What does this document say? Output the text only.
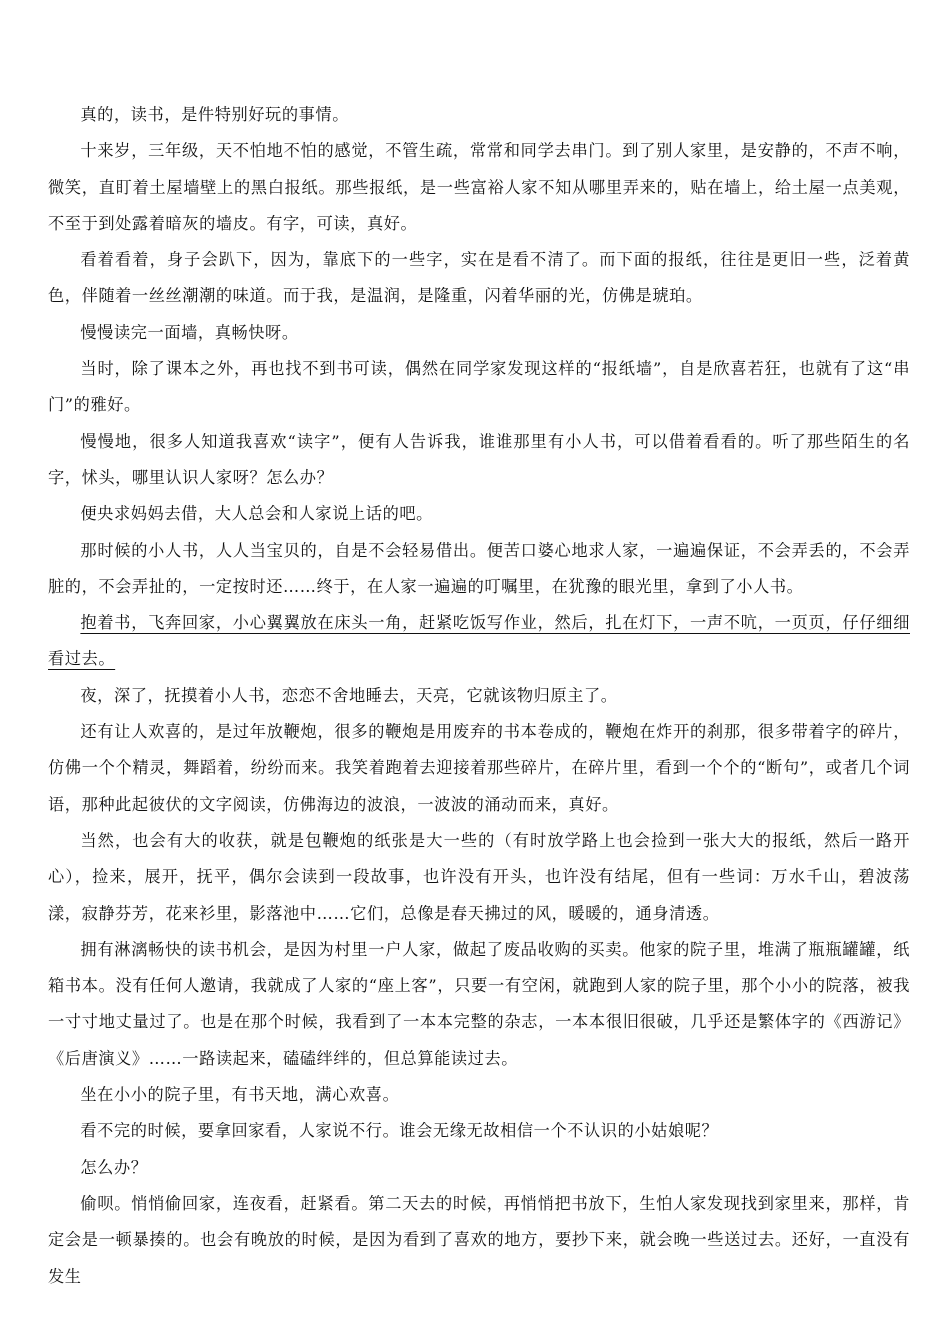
真的，读书，是件特别好玩的事情。

十来岁，三年级，天不怕地不怕的感觉，不管生疏，常常和同学去串门。到了别人家里，是安静的，不声不响，微笑，直盯着土屋墙壁上的黑白报纸。那些报纸，是一些富裕人家不知从哪里弄来的，贴在墙上，给土屋一点美观，不至于到处露着暗灰的墙皮。有字，可读，真好。

看着看着，身子会趴下，因为，靠底下的一些字，实在是看不清了。而下面的报纸，往往是更旧一些，泛着黄色，伴随着一丝丝潮潮的味道。而于我，是温润，是隆重，闪着华丽的光，仿佛是琥珀。

慢慢读完一面墙，真畅快呀。

当时，除了课本之外，再也找不到书可读，偶然在同学家发现这样的“报纸墙”，自是欣喜若狂，也就有了这“串门”的雅好。

慢慢地，很多人知道我喜欢“读字”，便有人告诉我，谁谁那里有小人书，可以借着看看的。听了那些陌生的名字，怵头，哪里认识人家呀？怎么办？

便央求妈妈去借，大人总会和人家说上话的吧。

那时候的小人书，人人当宝贝的，自是不会轻易借出。便苦口婆心地求人家，一遍遍保证，不会弄丢的，不会弄脏的，不会弄扯的，一定按时还……终于，在人家一遍遍的叮嘱里，在犹豫的眼光里，拿到了小人书。

抱着书，飞奔回家，小心翼翼放在床头一角，赶紧吃饭写作业，然后，扎在灯下，一声不吭，一页页，仔仔细细看过去。

夜，深了，抚摸着小人书，恋恋不舍地睡去，天亮，它就该物归原主了。

还有让人欢喜的，是过年放鞭炮，很多的鞭炮是用废弃的书本卷成的，鞭炮在炸开的刹那，很多带着字的碎片，仿佛一个个精灵，舞蹈着，纷纷而来。我笑着跑着去迎接着那些碎片，在碎片里，看到一个个的“断句”，或者几个词语，那种此起彼伏的文字阅读，仿佛海边的波浪，一波波的涌动而来，真好。

当然，也会有大的收获，就是包鞭炮的纸张是大一些的（有时放学路上也会捡到一张大大的报纸，然后一路开心），捡来，展开，抚平，偶尔会读到一段故事，也许没有开头，也许没有结尾，但有一些词：万水千山，碧波荡漾，寂静芬芳，花来衫里，影落池中……它们，总像是春天拂过的风，暖暖的，通身清透。

拥有淋漓畅快的读书机会，是因为村里一户人家，做起了废品收购的买卖。他家的院子里，堆满了瓶瓶罐罐，纸箱书本。没有任何人邀请，我就成了人家的“座上客”，只要一有空闲，就跑到人家的院子里，那个小小的院落，被我一寸寸地丈量过了。也是在那个时候，我看到了一本本完整的杂志，一本本很旧很破，几乎还是繁体字的《西游记》《后唐演义》……一路读起来，磕磕绊绊的，但总算能读过去。

坐在小小的院子里，有书天地，满心欢喜。

看不完的时候，要拿回家看，人家说不行。谁会无缘无故相信一个不认识的小姑娘呢？

怎么办？

偷呗。悄悄偷回家，连夜看，赶紧看。第二天去的时候，再悄悄把书放下，生怕人家发现找到家里来，那样，肯定会是一顿暴揍的。也会有晚放的时候，是因为看到了喜欢的地方，要抄下来，就会晚一些送过去。还好，一直没有发生
